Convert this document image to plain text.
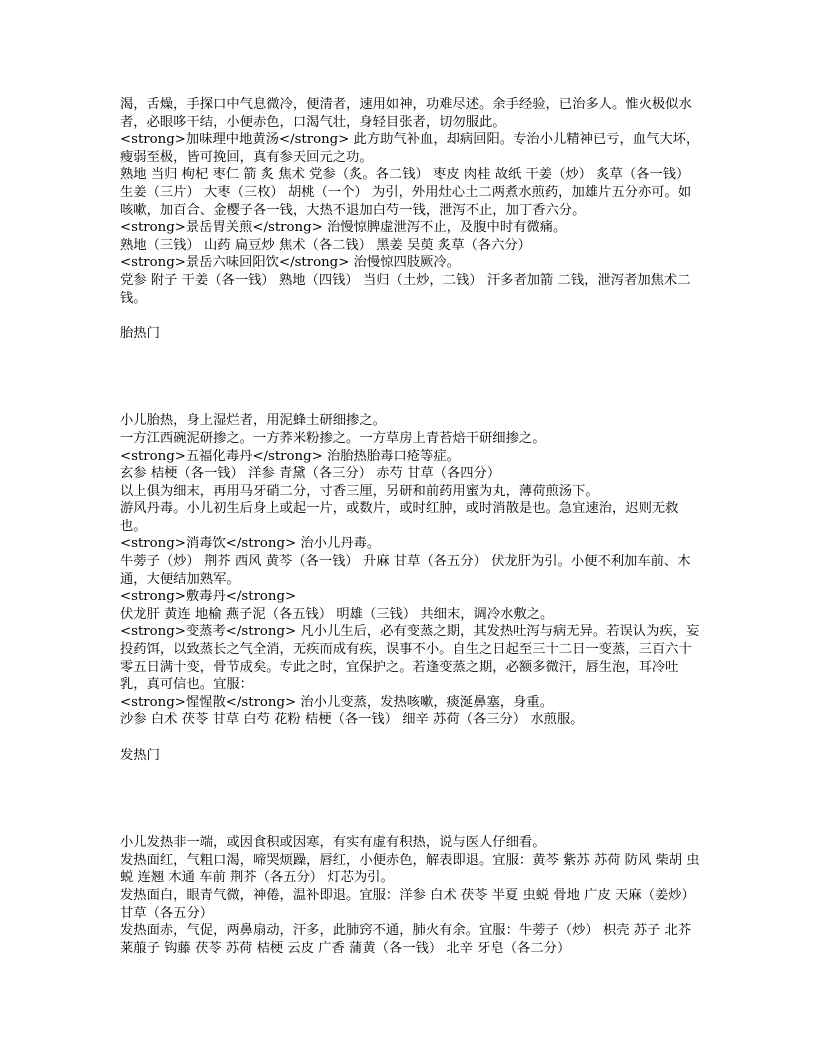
渴，舌燥，手探口中气息微冷，便清者，速用如神，功难尽述。余手经验，已治多人。惟火极似水者，必眼哆干结，小便赤色，口渴气壮，身轻目张者，切勿服此。

<strong>加味理中地黄汤</strong> 此方助气补血，却病回阳。专治小儿精神已亏，血气大坏，瘦弱至极，皆可挽回，真有参天回元之功。

熟地 当归 枸杞 枣仁 箭 炙 焦术 党参（炙。各二钱） 枣皮 肉桂 故纸 干姜（炒） 炙草（各一钱） 生姜（三片） 大枣（三枚） 胡桃（一个） 为引，外用灶心土二两煮水煎药，加雄片五分亦可。如咳嗽，加百合、金樱子各一钱，大热不退加白芍一钱，泄泻不止，加丁香六分。

<strong>景岳胃关煎</strong> 治慢惊脾虚泄泻不止，及腹中时有微痛。

熟地（三钱） 山药 扁豆炒 焦术（各二钱） 黑姜 吴萸 炙草（各六分）

<strong>景岳六味回阳饮</strong> 治慢惊四肢厥冷。

党参 附子 干姜（各一钱） 熟地（四钱） 当归（土炒，二钱） 汗多者加箭 二钱，泄泻者加焦术二钱。

胎热门

小儿胎热，身上湿烂者，用泥蜂土研细掺之。

一方江西碗泥研掺之。一方荞米粉掺之。一方草房上青苔焙干研细掺之。

<strong>五福化毒丹</strong> 治胎热胎毒口疮等症。

玄参 桔梗（各一钱） 洋参 青黛（各三分） 赤芍 甘草（各四分）

以上俱为细末，再用马牙硝二分，寸香三厘，另研和前药用蜜为丸，薄荷煎汤下。

游风丹毒。小儿初生后身上或起一片，或数片，或时红肿，或时消散是也。急宜速治，迟则无救也。

<strong>消毒饮</strong> 治小儿丹毒。

牛蒡子（炒） 荆芥 西风 黄芩（各一钱） 升麻 甘草（各五分） 伏龙肝为引。小便不利加车前、木通，大便结加熟军。

<strong>敷毒丹</strong>

伏龙肝 黄连 地榆 燕子泥（各五钱） 明雄（三钱） 共细末，调冷水敷之。

<strong>变蒸考</strong> 凡小儿生后，必有变蒸之期，其发热吐泻与病无异。若误认为疾，妄投药饵，以致蒸长之气全消，无疾而成有疾，误事不小。自生之日起至三十二日一变蒸，三百六十零五日满十变，骨节成矣。专此之时，宜保护之。若逢变蒸之期，必额多微汗，唇生泡，耳冷吐乳，真可信也。宜服：

<strong>惺惺散</strong> 治小儿变蒸，发热咳嗽，痰涎鼻塞，身重。

沙参 白术 茯苓 甘草 白芍 花粉 桔梗（各一钱） 细辛 苏荷（各三分） 水煎服。

发热门

小儿发热非一端，或因食积或因寒，有实有虚有积热，说与医人仔细看。

发热面红，气粗口渴，啼哭烦躁，唇红，小便赤色，解表即退。宜服：黄芩 紫苏 苏荷 防风 柴胡 虫蜕 连翘 木通 车前 荆芥（各五分） 灯芯为引。

发热面白，眼青气微，神倦，温补即退。宜服：洋参 白术 茯苓 半夏 虫蜕 骨地 广皮 天麻（姜炒） 甘草（各五分）

发热面赤，气促，两鼻扇动，汗多，此肺窍不通，肺火有余。宜服：牛蒡子（炒） 枳壳 苏子 北芥 莱菔子 钩藤 茯苓 苏荷 桔梗 云皮 广香 蒲黄（各一钱） 北辛 牙皂（各二分）
